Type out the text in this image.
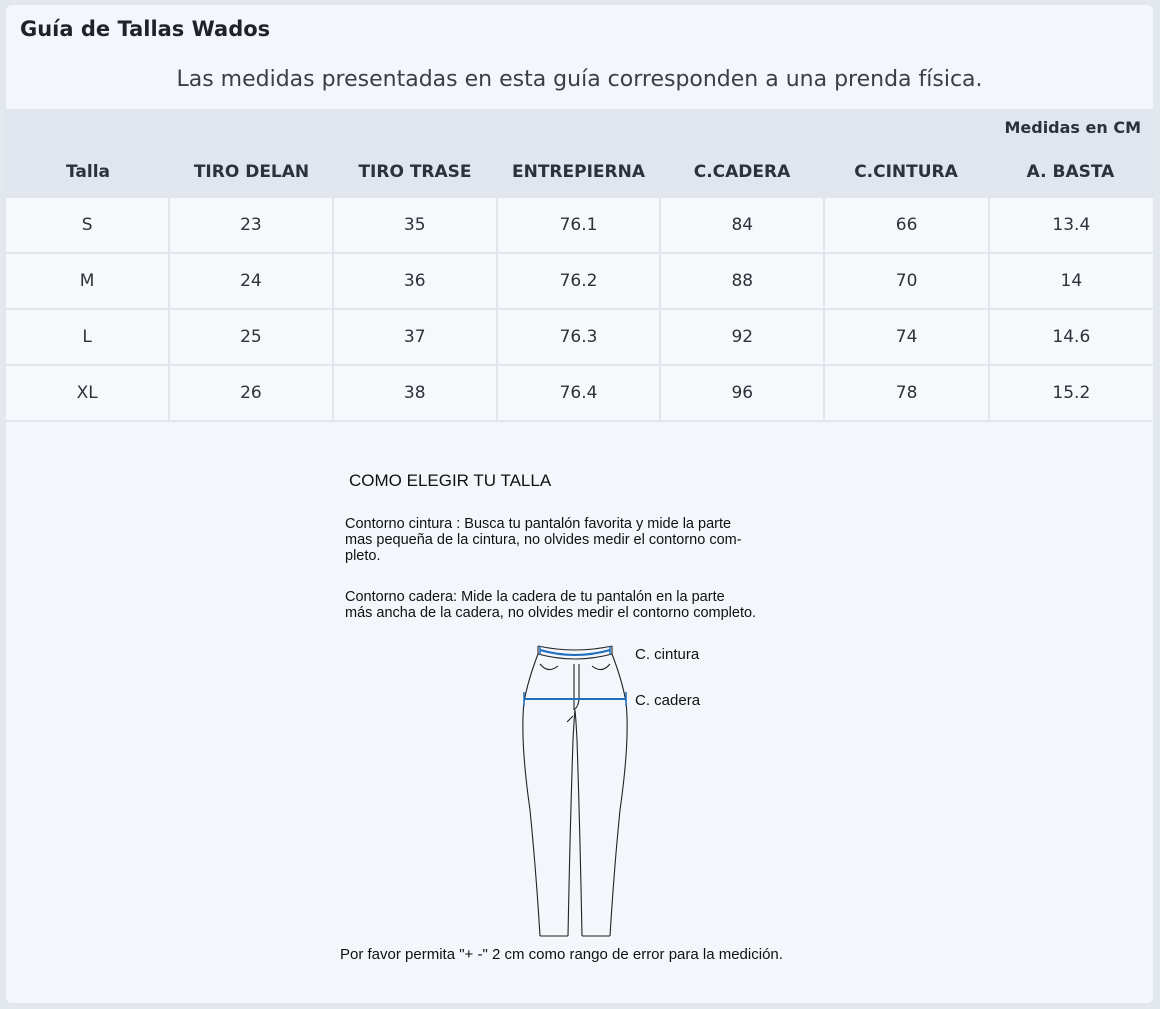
Guía de Tallas Wados
Las medidas presentadas en esta guía corresponden a una prenda física.
Medidas en CM
Talla	TIRO DELAN	TIRO TRASE	ENTREPIERNA	C.CADERA	C.CINTURA	A. BASTA
S	23	35	76.1	84	66	13.4
M	24	36	76.2	88	70	14
L	25	37	76.3	92	74	14.6
XL	26	38	76.4	96	78	15.2
COMO ELEGIR TU TALLA
Contorno cintura : Busca tu pantalón favorita y mide la parte
mas pequeña de la cintura, no olvides medir el contorno com-
pleto.
Contorno cadera: Mide la cadera de tu pantalón en la parte
más ancha de la cadera, no olvides medir el contorno completo.
C. cintura
C. cadera
Por favor permita "+ -" 2 cm como rango de error para la medición.
